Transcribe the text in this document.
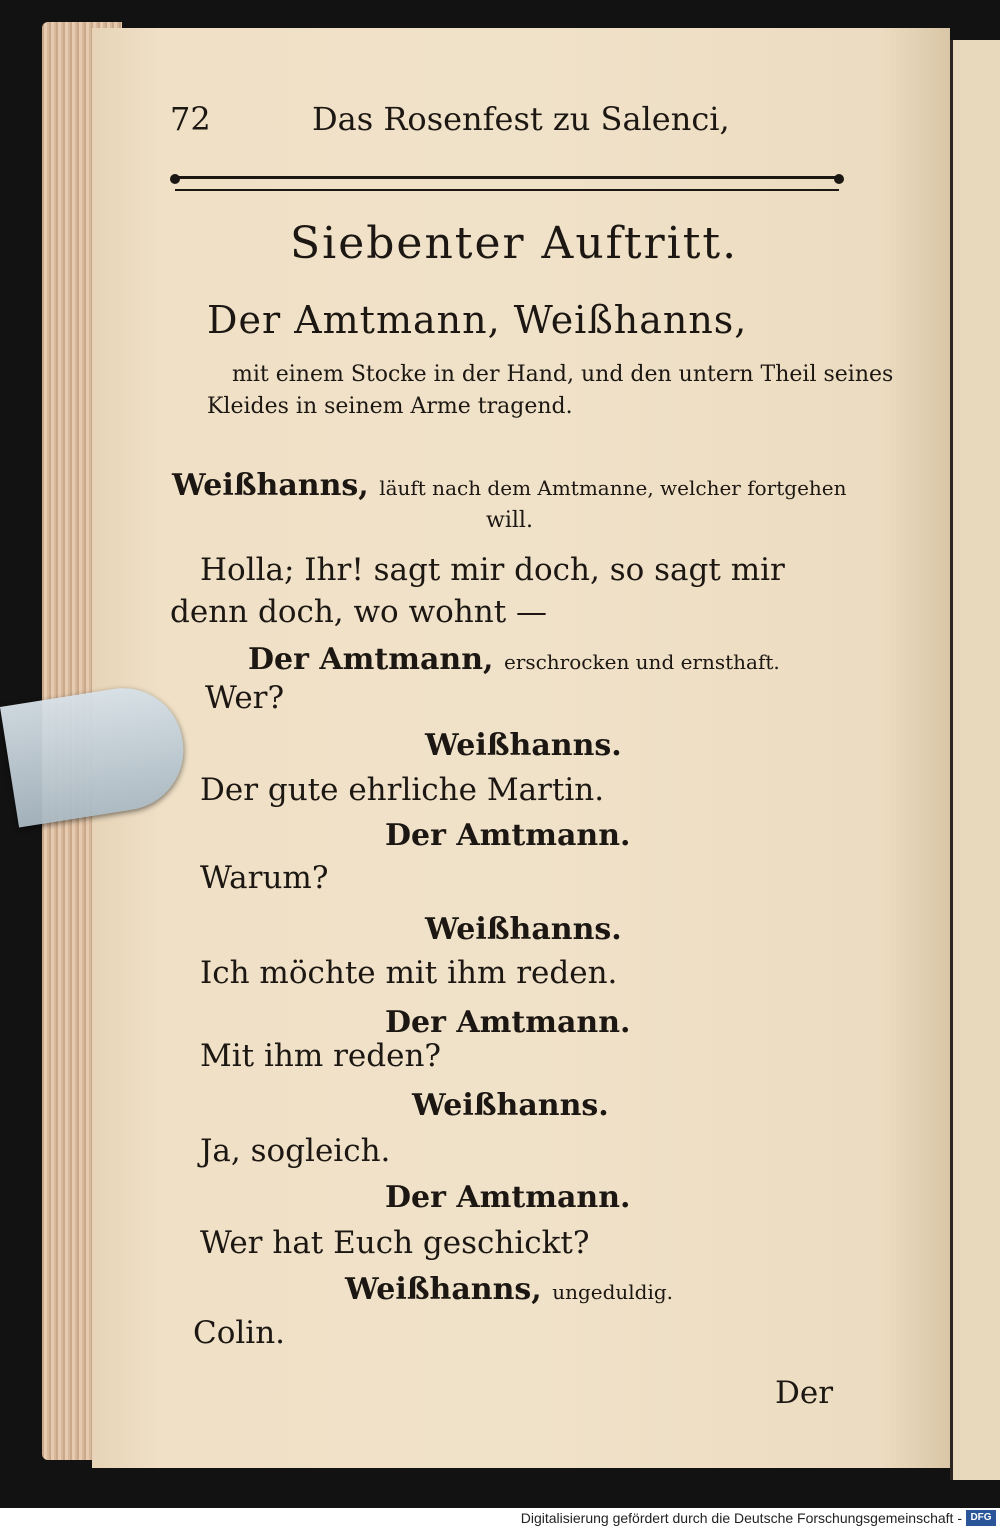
72	Das Rosenfest zu Salenci,
Siebenter Auftritt.
Der Amtmann, Weißhanns,
mit einem Stocke in der Hand, und den untern Theil seines
Kleides in seinem Arme tragend.
Weißhanns, läuft nach dem Amtmanne, welcher fortgehen
will.
Holla; Ihr! sagt mir doch, so sagt mir
denn doch, wo wohnt —
Der Amtmann, erschrocken und ernsthaft.
Wer?
Weißhanns.
Der gute ehrliche Martin.
Der Amtmann.
Warum?
Weißhanns.
Ich möchte mit ihm reden.
Der Amtmann.
Mit ihm reden?
Weißhanns.
Ja, sogleich.
Der Amtmann.
Wer hat Euch geschickt?
Weißhanns, ungeduldig.
Colin.
Der
Digitalisierung gefördert durch die Deutsche Forschungsgemeinschaft - DFG
